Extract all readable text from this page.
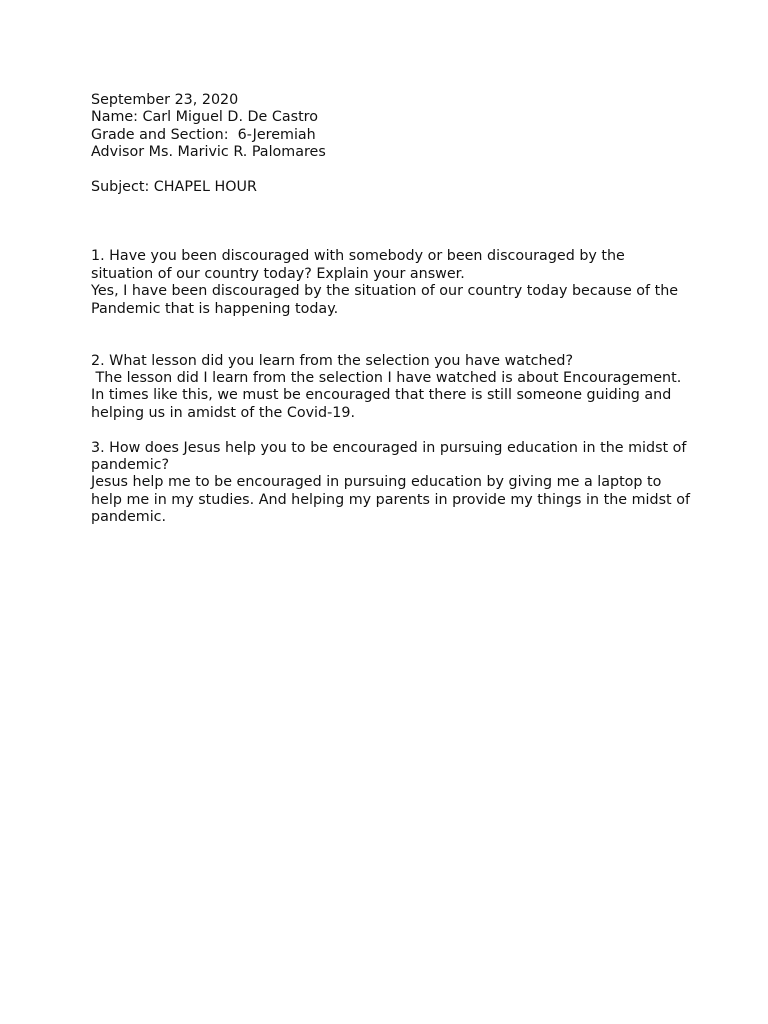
September 23, 2020
Name: Carl Miguel D. De Castro
Grade and Section:  6-Jeremiah
Advisor Ms. Marivic R. Palomares
Subject: CHAPEL HOUR
1. Have you been discouraged with somebody or been discouraged by the situation of our country today? Explain your answer.
Yes, I have been discouraged by the situation of our country today because of the Pandemic that is happening today.
2. What lesson did you learn from the selection you have watched?
The lesson did I learn from the selection I have watched is about Encouragement. In times like this, we must be encouraged that there is still someone guiding and helping us in amidst of the Covid-19.
3. How does Jesus help you to be encouraged in pursuing education in the midst of pandemic?
Jesus help me to be encouraged in pursuing education by giving me a laptop to help me in my studies. And helping my parents in provide my things in the midst of pandemic.
